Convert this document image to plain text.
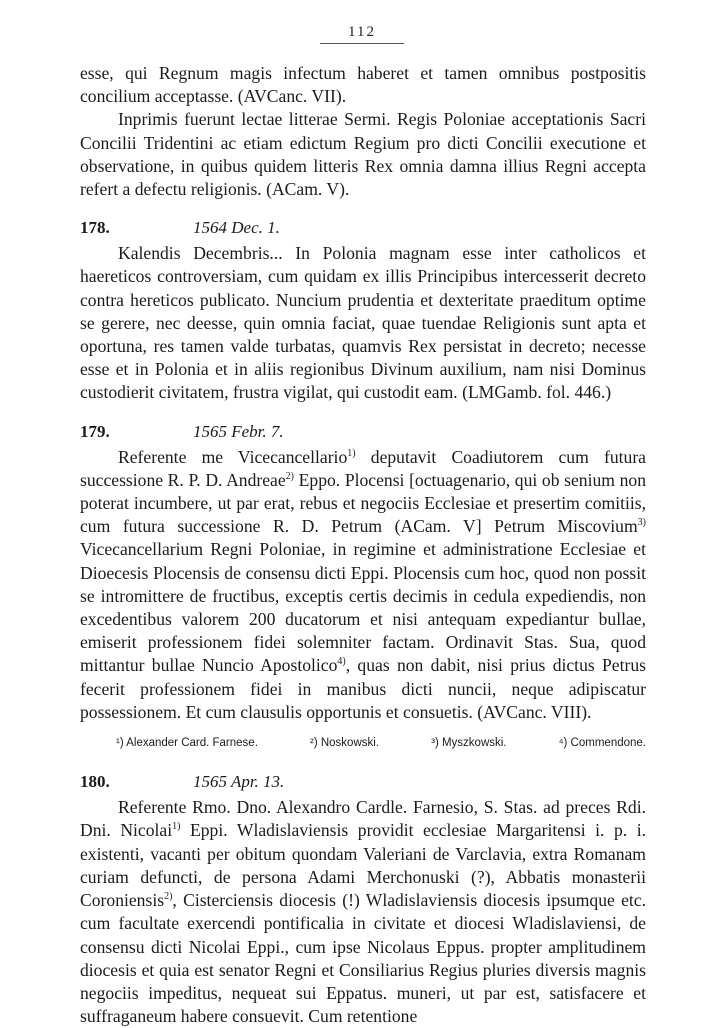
112

esse, qui Regnum magis infectum haberet et tamen omnibus postpositis concilium acceptasse. (AVCanc. VII).

Inprimis fuerunt lectae litterae Sermi. Regis Poloniae acceptationis Sacri Concilii Tridentini ac etiam edictum Regium pro dicti Concilii executione et observatione, in quibus quidem litteris Rex omnia damna illius Regni accepta refert a defectu religionis. (ACam. V).

178.	1564 Dec. 1.

Kalendis Decembris... In Polonia magnam esse inter catholicos et haereticos controversiam, cum quidam ex illis Principibus intercesserit decreto contra hereticos publicato. Nuncium prudentia et dexteritate praeditum optime se gerere, nec deesse, quin omnia faciat, quae tuendae Religionis sunt apta et oportuna, res tamen valde turbatas, quamvis Rex persistat in decreto; necesse esse et in Polonia et in aliis regionibus Divinum auxilium, nam nisi Dominus custodierit civitatem, frustra vigilat, qui custodit eam. (LMGamb. fol. 446.)

179.	1565 Febr. 7.

Referente me Vicecancellario$^{1)}$ deputavit Coadiutorem cum futura successione R. P. D. Andreae$^{2)}$ Eppo. Plocensi [octuagenario, qui ob senium non poterat incumbere, ut par erat, rebus et negociis Ecclesiae et presertim comitiis, cum futura successione R. D. Petrum (ACam. V] Petrum Miscovium$^{3)}$ Vicecancellarium Regni Poloniae, in regimine et administratione Ecclesiae et Dioecesis Plocensis de consensu dicti Eppi. Plocensis cum hoc, quod non possit se intromittere de fructibus, exceptis certis decimis in cedula expediendis, non excedentibus valorem 200 ducatorum et nisi antequam expediantur bullae, emiserit professionem fidei solemniter factam. Ordinavit Stas. Sua, quod mittantur bullae Nuncio Apostolico$^{4)}$, quas non dabit, nisi prius dictus Petrus fecerit professionem fidei in manibus dicti nuncii, neque adipiscatur possessionem. Et cum clausulis opportunis et consuetis. (AVCanc. VIII).

¹) Alexander Card. Farnese.	²) Noskowski.	³) Myszkowski.	⁴) Commendone.
180.	1565 Apr. 13.

Referente Rmo. Dno. Alexandro Cardle. Farnesio, S. Stas. ad preces Rdi. Dni. Nicolai$^{1)}$ Eppi. Wladislaviensis providit ecclesiae Margaritensi i. p. i. existenti, vacanti per obitum quondam Valeriani de Varclavia, extra Romanam curiam defuncti, de persona Adami Merchonuski (?), Abbatis monasterii Coroniensis$^{2)}$, Cisterciensis diocesis (!) Wladislaviensis diocesis ipsumque etc. cum facultate exercendi pontificalia in civitate et diocesi Wladislaviensi, de consensu dicti Nicolai Eppi., cum ipse Nicolaus Eppus. propter amplitudinem diocesis et quia est senator Regni et Consiliarius Regius pluries diversis magnis negociis impeditus, nequeat sui Eppatus. muneri, ut par est, satisfacere et suffraganeum habere consuevit. Cum retentione
